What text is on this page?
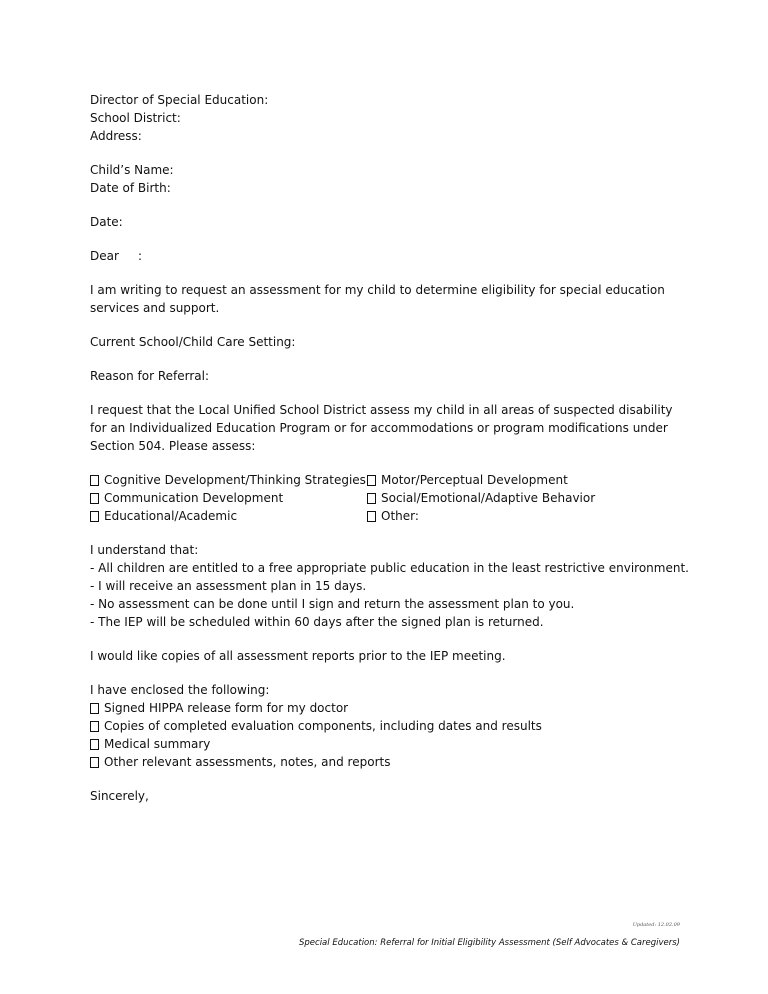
Director of Special Education:
School District:
Address:
Child’s Name:
Date of Birth:
Date:
Dear	:
I am writing to request an assessment for my child to determine eligibility for special education services and support.
Current School/Child Care Setting:
Reason for Referral:
I request that the Local Unified School District assess my child in all areas of suspected disability for an Individualized Education Program or for accommodations or program modifications under Section 504. Please assess:
Cognitive Development/Thinking Strategies
Communication Development
Educational/Academic
Motor/Perceptual Development
Social/Emotional/Adaptive Behavior
Other:
I understand that:
- All children are entitled to a free appropriate public education in the least restrictive environment.
- I will receive an assessment plan in 15 days.
- No assessment can be done until I sign and return the assessment plan to you.
- The IEP will be scheduled within 60 days after the signed plan is returned.
I would like copies of all assessment reports prior to the IEP meeting.
I have enclosed the following:
Signed HIPPA release form for my doctor
Copies of completed evaluation components, including dates and results
Medical summary
Other relevant assessments, notes, and reports
Sincerely,
Updated: 12.02.09
Special Education: Referral for Initial Eligibility Assessment (Self Advocates & Caregivers)
